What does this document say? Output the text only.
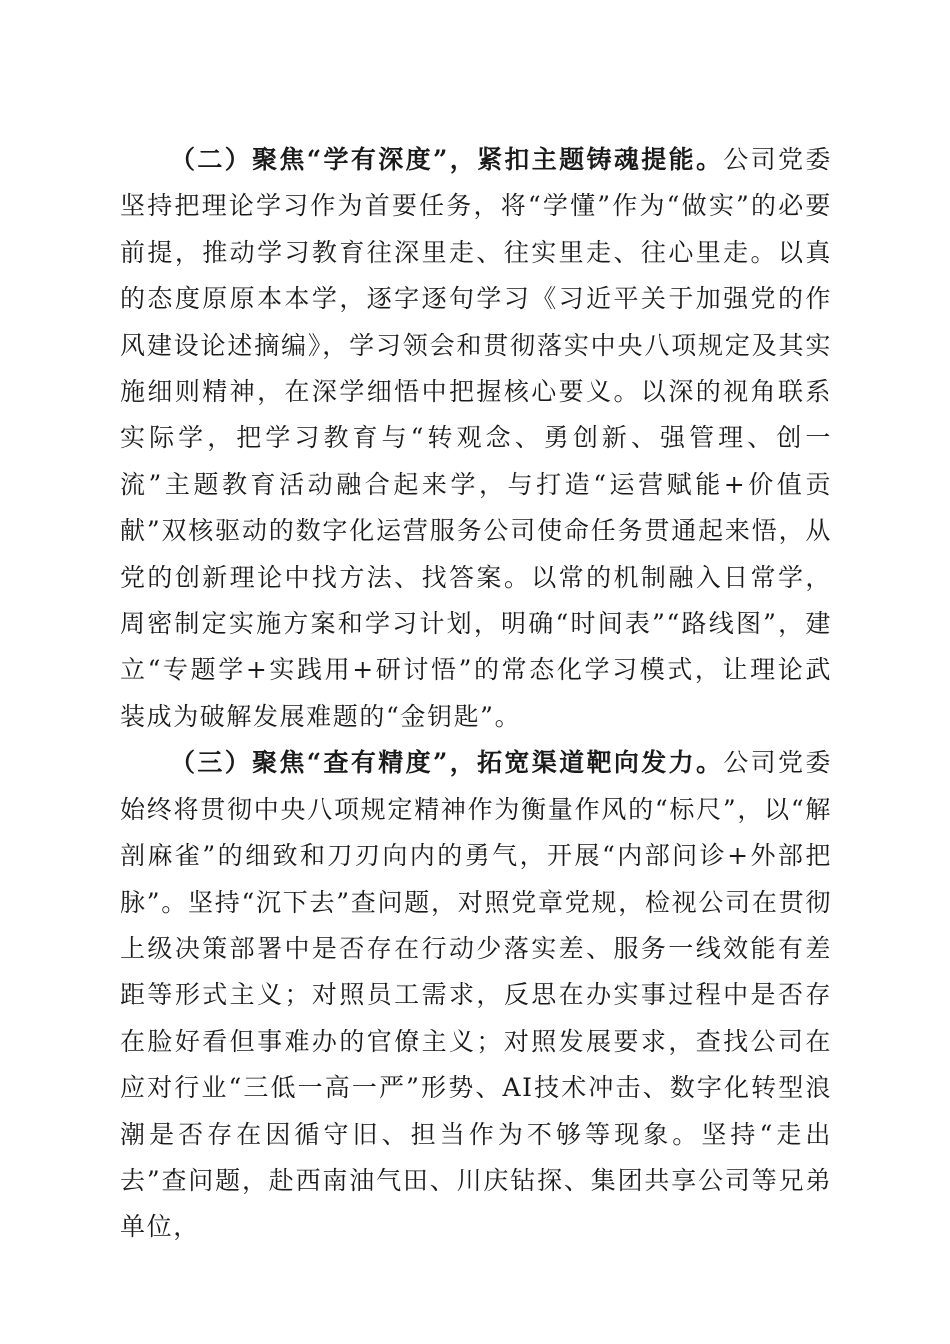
（二）聚焦“学有深度”，紧扣主题铸魂提能。公司党委坚持把理论学习作为首要任务，将“学懂”作为“做实”的必要前提，推动学习教育往深里走、往实里走、往心里走。以真的态度原原本本学，逐字逐句学习《习近平关于加强党的作风建设论述摘编》，学习领会和贯彻落实中央八项规定及其实施细则精神，在深学细悟中把握核心要义。以深的视角联系实际学，把学习教育与“转观念、勇创新、强管理、创一流”主题教育活动融合起来学，与打造“运营赋能+价值贡献”双核驱动的数字化运营服务公司使命任务贯通起来悟，从党的创新理论中找方法、找答案。以常的机制融入日常学，周密制定实施方案和学习计划，明确“时间表”“路线图”，建立“专题学+实践用+研讨悟”的常态化学习模式，让理论武装成为破解发展难题的“金钥匙”。

（三）聚焦“查有精度”，拓宽渠道靶向发力。公司党委始终将贯彻中央八项规定精神作为衡量作风的“标尺”，以“解剖麻雀”的细致和刀刃向内的勇气，开展“内部问诊+外部把脉”。坚持“沉下去”查问题，对照党章党规，检视公司在贯彻上级决策部署中是否存在行动少落实差、服务一线效能有差距等形式主义；对照员工需求，反思在办实事过程中是否存在脸好看但事难办的官僚主义；对照发展要求，查找公司在应对行业“三低一高一严”形势、AI技术冲击、数字化转型浪潮是否存在因循守旧、担当作为不够等现象。坚持“走出去”查问题，赴西南油气田、川庆钻探、集团共享公司等兄弟单位，
